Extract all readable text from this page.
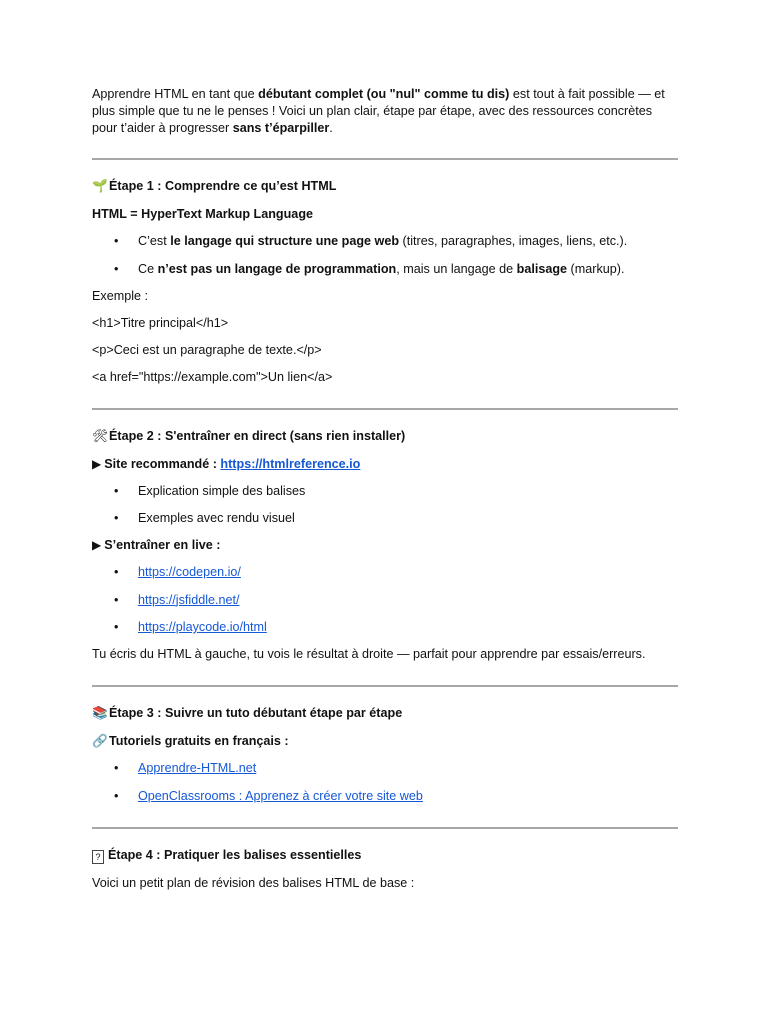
Apprendre HTML en tant que débutant complet (ou "nul" comme tu dis) est tout à fait possible — et plus simple que tu ne le penses ! Voici un plan clair, étape par étape, avec des ressources concrètes pour t’aider à progresser sans t’éparpiller.

🌱Étape 1 : Comprendre ce qu’est HTML

HTML = HyperText Markup Language

• C’est le langage qui structure une page web (titres, paragraphes, images, liens, etc.).
• Ce n’est pas un langage de programmation, mais un langage de balisage (markup).

Exemple :

<h1>Titre principal</h1>

<p>Ceci est un paragraphe de texte.</p>

<a href="https://example.com">Un lien</a>

🛠Étape 2 : S'entraîner en direct (sans rien installer)

▶ Site recommandé : https://htmlreference.io

• Explication simple des balises
• Exemples avec rendu visuel

▶ S’entraîner en live :

• https://codepen.io/
• https://jsfiddle.net/
• https://playcode.io/html

Tu écris du HTML à gauche, tu vois le résultat à droite — parfait pour apprendre par essais/erreurs.

📚Étape 3 : Suivre un tuto débutant étape par étape

🔗Tutoriels gratuits en français :

• Apprendre-HTML.net
• OpenClassrooms : Apprenez à créer votre site web

? Étape 4 : Pratiquer les balises essentielles

Voici un petit plan de révision des balises HTML de base :
